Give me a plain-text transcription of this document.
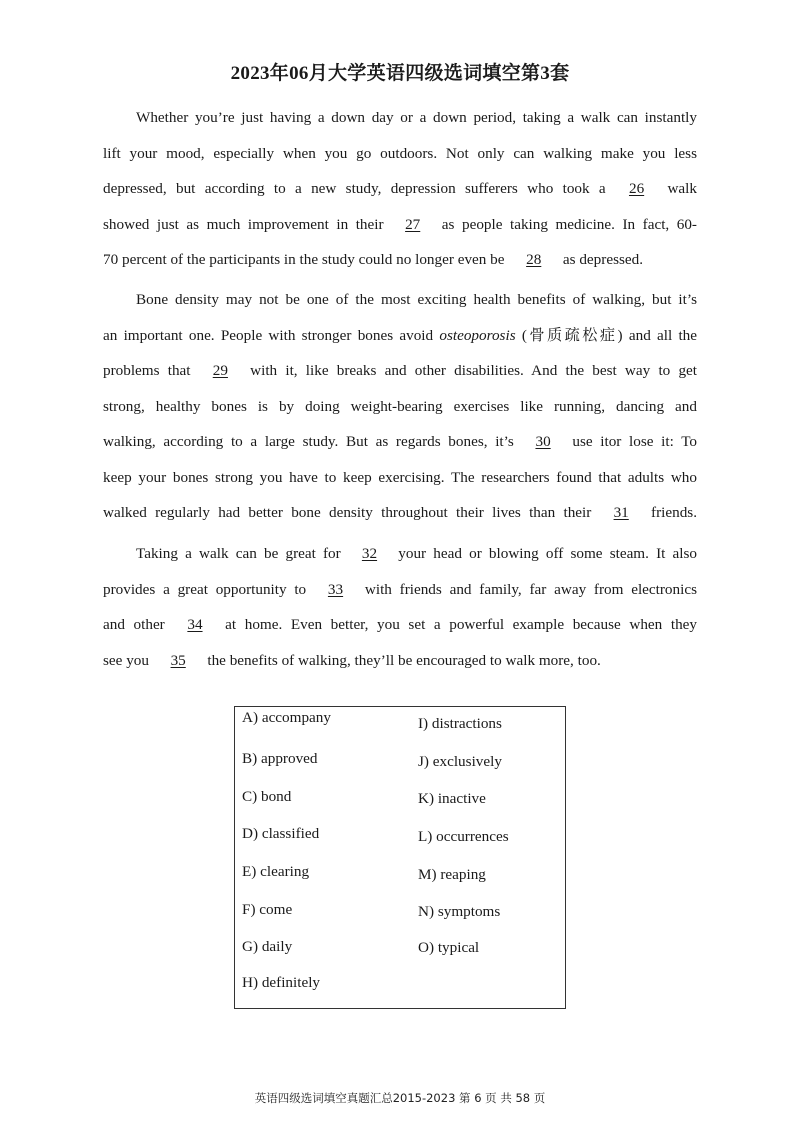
2023年06月大学英语四级选词填空第3套
Whether you’re just having a down day or a down period, taking a walk can instantly
lift your mood, especially when you go outdoors. Not only can walking make you less
depressed, but according to a new study, depression sufferers who took a 26 walk
showed just as much improvement in their 27 as people taking medicine. In fact, 60-
70 percent of the participants in the study could no longer even be 28 as depressed.
Bone density may not be one of the most exciting health benefits of walking, but it’s
an important one. People with stronger bones avoid osteoporosis (骨质疏松症) and all the
problems that 29 with it, like breaks and other disabilities. And the best way to get
strong, healthy bones is by doing weight-bearing exercises like running, dancing and
walking, according to a large study. But as regards bones, it’s 30 use itor lose it: To
keep your bones strong you have to keep exercising. The researchers found that adults who
walked regularly had better bone density throughout their lives than their 31 friends.
Taking a walk can be great for 32 your head or blowing off some steam. It also
provides a great opportunity to 33 with friends and family, far away from electronics
and other 34 at home. Even better, you set a powerful example because when they
see you 35 the benefits of walking, they’ll be encouraged to walk more, too.
A) accompany
B) approved
C) bond
D) classified
E) clearing
F) come
G) daily
H) definitely
I) distractions
J) exclusively
K) inactive
L) occurrences
M) reaping
N) symptoms
O) typical
英语四级选词填空真题汇总2015-2023 第 6 页 共 58 页
